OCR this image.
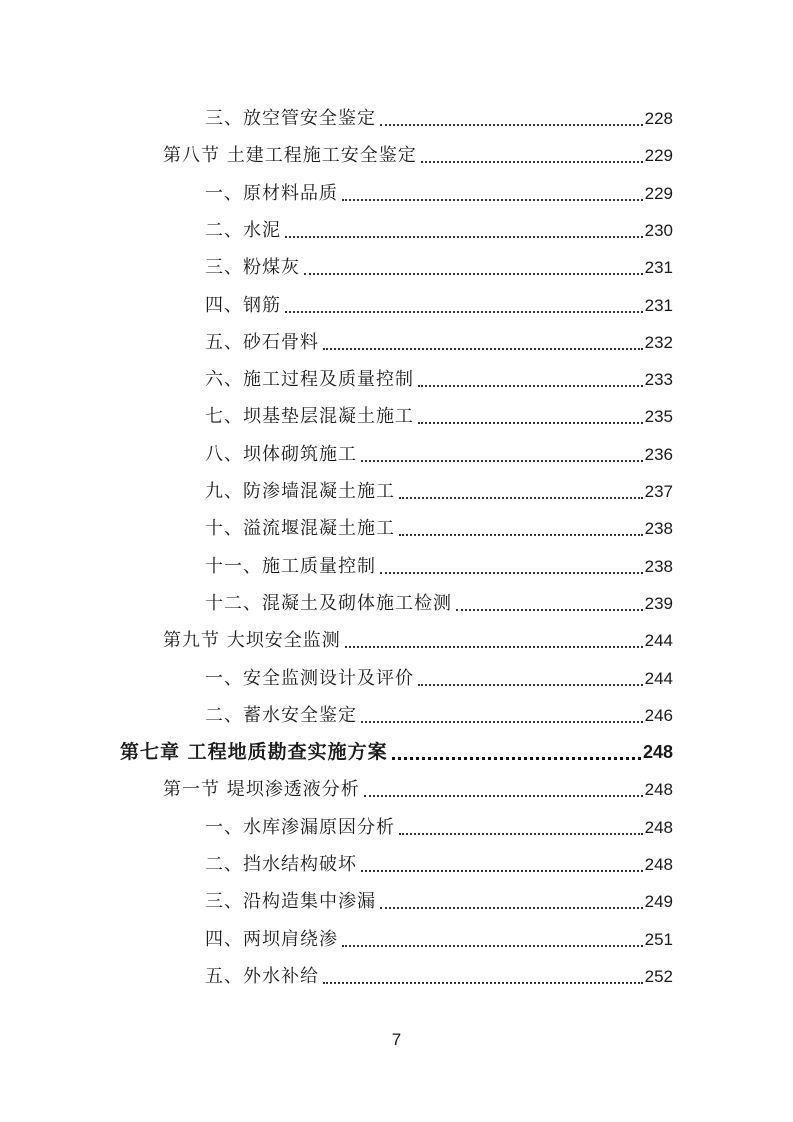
三、放空管安全鉴定	228
第八节 土建工程施工安全鉴定	229
一、原材料品质	229
二、水泥	230
三、粉煤灰	231
四、钢筋	231
五、砂石骨料	232
六、施工过程及质量控制	233
七、坝基垫层混凝土施工	235
八、坝体砌筑施工	236
九、防渗墙混凝土施工	237
十、溢流堰混凝土施工	238
十一、施工质量控制	238
十二、混凝土及砌体施工检测	239
第九节 大坝安全监测	244
一、安全监测设计及评价	244
二、蓄水安全鉴定	246
第七章 工程地质勘查实施方案	248
第一节 堤坝渗透液分析	248
一、水库渗漏原因分析	248
二、挡水结构破坏	248
三、沿构造集中渗漏	249
四、两坝肩绕渗	251
五、外水补给	252
7
